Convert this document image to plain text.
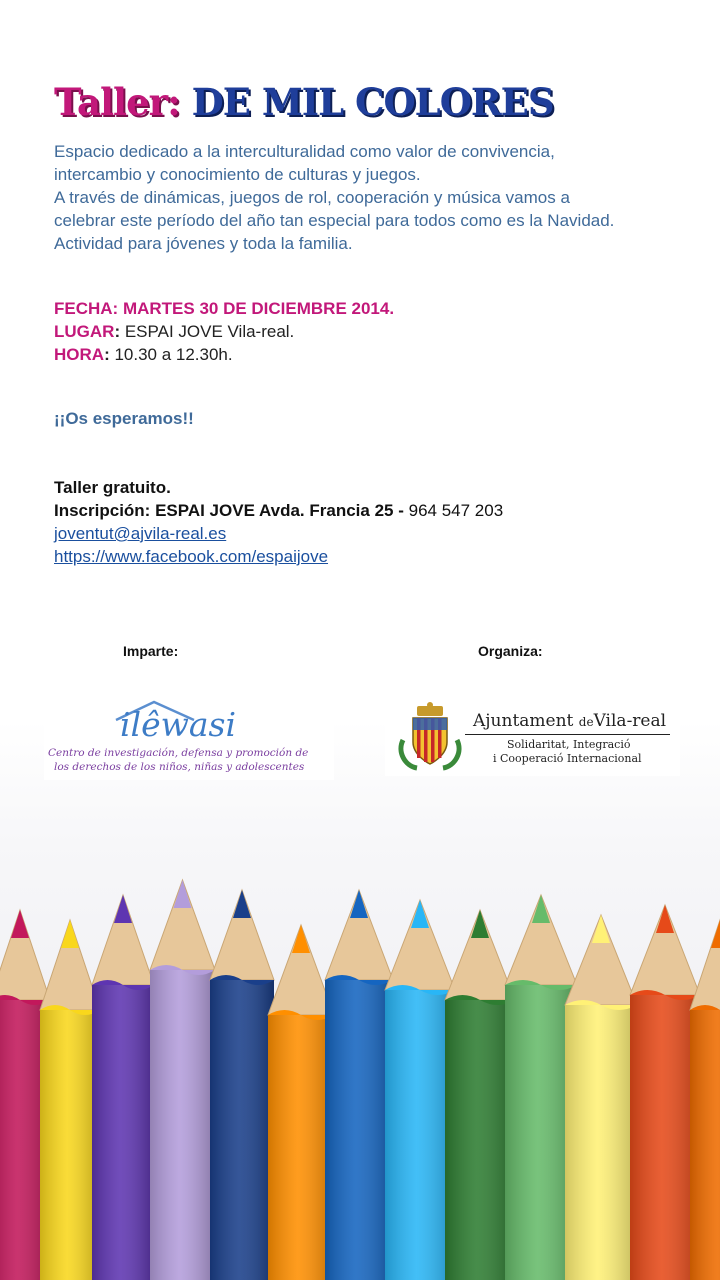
Taller: DE MIL COLORES
Espacio dedicado a la interculturalidad como valor de convivencia,
intercambio y conocimiento de culturas y juegos.
A través de dinámicas, juegos de rol, cooperación y música vamos a
celebrar este período del año tan especial para todos como es la Navidad.
Actividad para jóvenes y toda la familia.
FECHA: MARTES 30 DE DICIEMBRE 2014.
LUGAR: ESPAI JOVE Vila-real.
HORA: 10.30 a 12.30h.
¡¡Os esperamos!!
Taller gratuito.
Inscripción: ESPAI JOVE Avda. Francia 25 - 964 547 203
joventut@ajvila-real.es
https://www.facebook.com/espaijove
Imparte:	Organiza:
ilêwasi
Centro de investigación, defensa y promoción de
los derechos de los niños, niñas y adolescentes
Ajuntament deVila-real
Solidaritat, Integració
i Cooperació Internacional
